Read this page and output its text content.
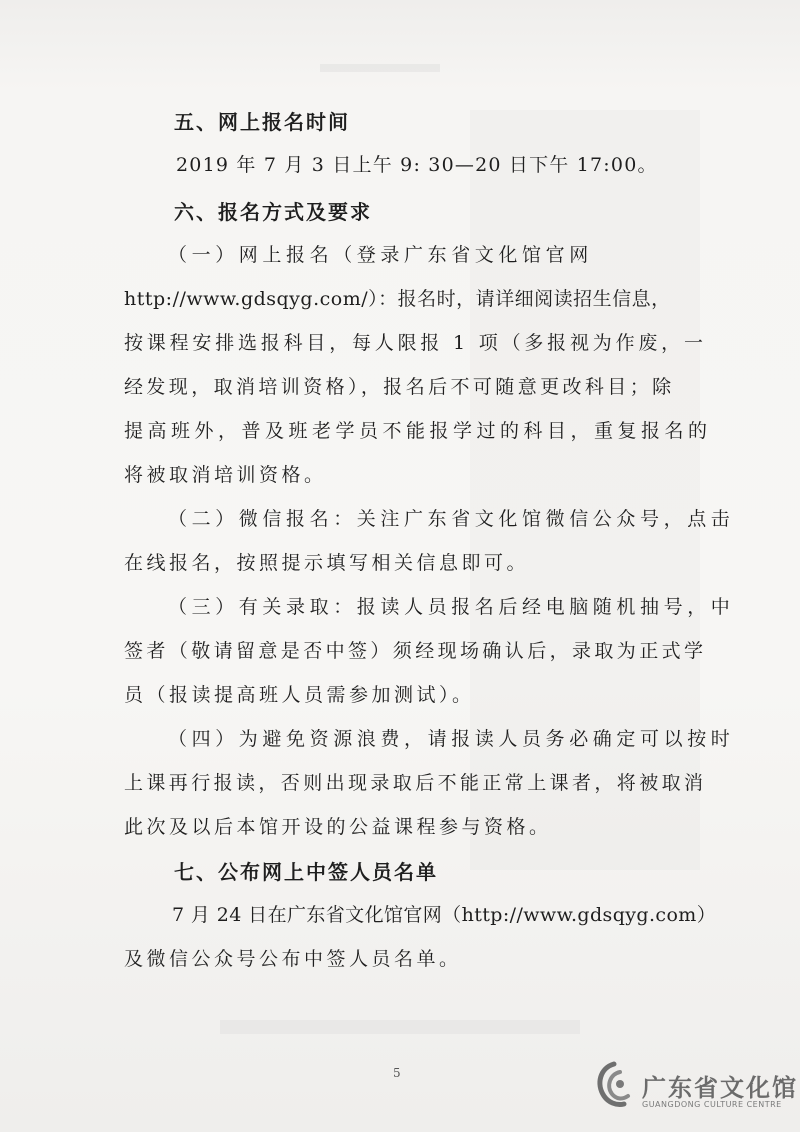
五、网上报名时间
2019 年 7 月 3 日上午 9: 30—20 日下午 17:00。
六、报名方式及要求
（一）网上报名（登录广东省文化馆官网
http://www.gdsqyg.com/）：报名时，请详细阅读招生信息，
按课程安排选报科目，每人限报 1 项（多报视为作废，一
经发现，取消培训资格），报名后不可随意更改科目；除
提高班外，普及班老学员不能报学过的科目，重复报名的
将被取消培训资格。
（二）微信报名：关注广东省文化馆微信公众号，点击
在线报名，按照提示填写相关信息即可。
（三）有关录取：报读人员报名后经电脑随机抽号，中
签者（敬请留意是否中签）须经现场确认后，录取为正式学
员（报读提高班人员需参加测试）。
（四）为避免资源浪费，请报读人员务必确定可以按时
上课再行报读，否则出现录取后不能正常上课者，将被取消
此次及以后本馆开设的公益课程参与资格。
七、公布网上中签人员名单
7 月 24 日在广东省文化馆官网（http://www.gdsqyg.com）
及微信公众号公布中签人员名单。
5
广东省文化馆
GUANGDONG CULTURE CENTRE
